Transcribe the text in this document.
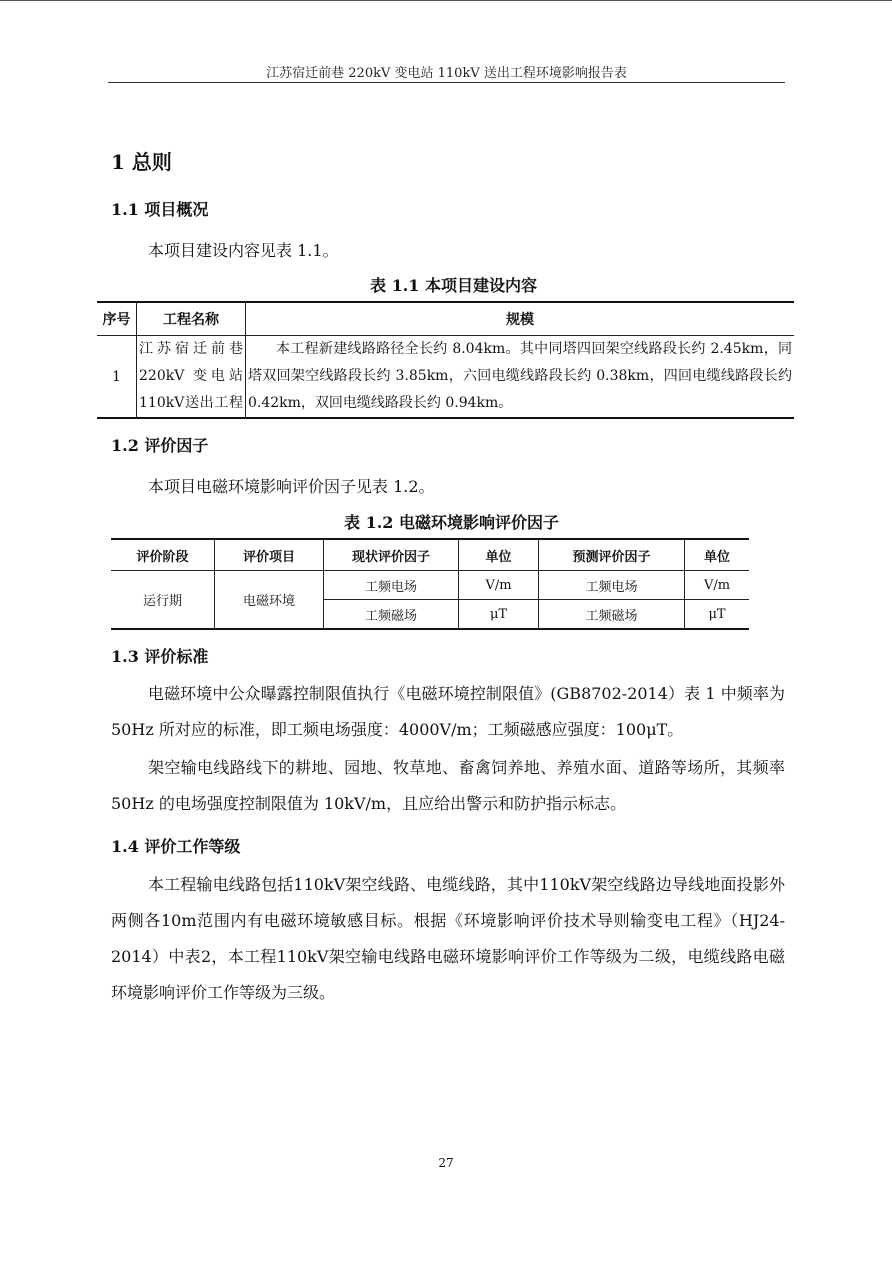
江苏宿迁前巷 220kV 变电站 110kV 送出工程环境影响报告表
1 总则
1.1 项目概况
本项目建设内容见表 1.1。
表 1.1 本项目建设内容
序号	工程名称	规模
1	江苏宿迁前巷220kV 变电站110kV送出工程	本工程新建线路路径全长约 8.04km。其中同塔四回架空线路段长约 2.45km，同塔双回架空线路段长约 3.85km，六回电缆线路段长约 0.38km，四回电缆线路段长约 0.42km，双回电缆线路段长约 0.94km。
1.2 评价因子
本项目电磁环境影响评价因子见表 1.2。
表 1.2 电磁环境影响评价因子
评价阶段	评价项目	现状评价因子	单位	预测评价因子	单位
运行期	电磁环境	工频电场	V/m	工频电场	V/m
		工频磁场	μT	工频磁场	μT
1.3 评价标准

电磁环境中公众曝露控制限值执行《电磁环境控制限值》(GB8702-2014）表 1 中频率为 50Hz 所对应的标准，即工频电场强度：4000V/m；工频磁感应强度：100μT。

架空输电线路线下的耕地、园地、牧草地、畜禽饲养地、养殖水面、道路等场所，其频率 50Hz 的电场强度控制限值为 10kV/m，且应给出警示和防护指示标志。

1.4 评价工作等级

本工程输电线路包括110kV架空线路、电缆线路，其中110kV架空线路边导线地面投影外两侧各10m范围内有电磁环境敏感目标。根据《环境影响评价技术导则输变电工程》（HJ24-2014）中表2，本工程110kV架空输电线路电磁环境影响评价工作等级为二级，电缆线路电磁环境影响评价工作等级为三级。

27
